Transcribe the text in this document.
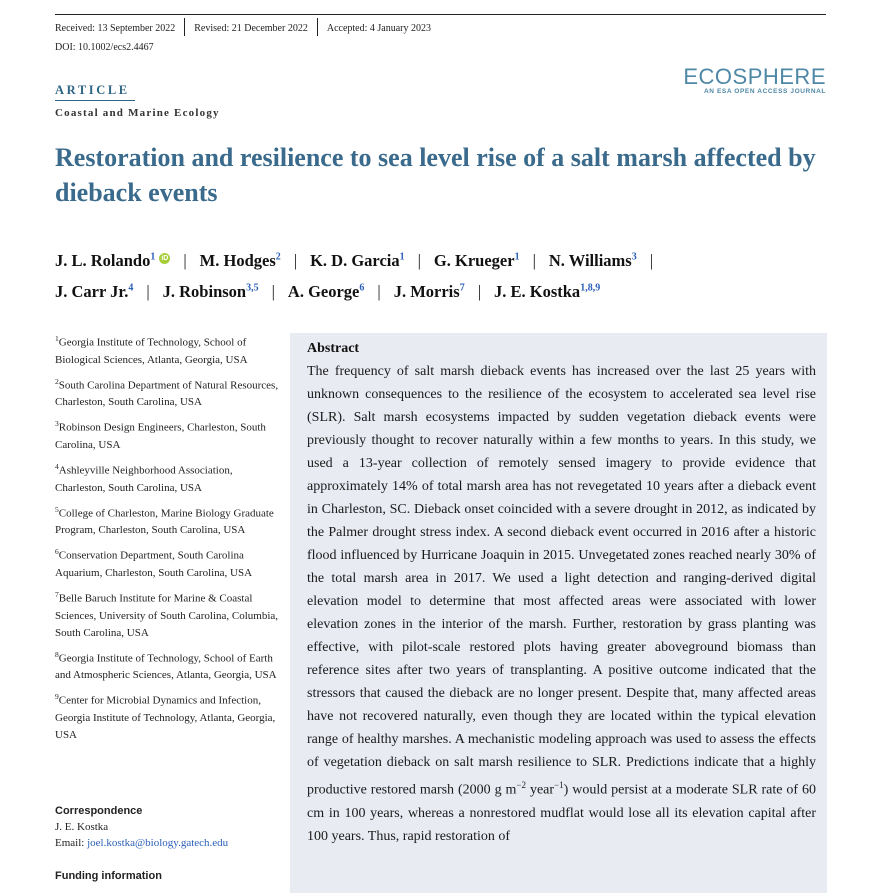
Received: 13 September 2022 Revised: 21 December 2022 Accepted: 4 January 2023
DOI: 10.1002/ecs2.4467
ARTICLE
Coastal and Marine Ecology
ECOSPHERE
AN ESA OPEN ACCESS JOURNAL
Restoration and resilience to sea level rise of a salt marsh affected by dieback events
J. L. Rolando$^1$ iD | M. Hodges$^2$ | K. D. Garcia$^1$ | G. Krueger$^1$ | N. Williams$^3$ |
J. Carr Jr.$^4$ | J. Robinson$^{3,5}$ | A. George$^6$ | J. Morris$^7$ | J. E. Kostka$^{1,8,9}$

$^1$Georgia Institute of Technology, School of Biological Sciences, Atlanta, Georgia, USA

$^2$South Carolina Department of Natural Resources, Charleston, South Carolina, USA

$^3$Robinson Design Engineers, Charleston, South Carolina, USA

$^4$Ashleyville Neighborhood Association, Charleston, South Carolina, USA

$^5$College of Charleston, Marine Biology Graduate Program, Charleston, South Carolina, USA

$^6$Conservation Department, South Carolina Aquarium, Charleston, South Carolina, USA

$^7$Belle Baruch Institute for Marine & Coastal Sciences, University of South Carolina, Columbia, South Carolina, USA

$^8$Georgia Institute of Technology, School of Earth and Atmospheric Sciences, Atlanta, Georgia, USA

$^9$Center for Microbial Dynamics and Infection, Georgia Institute of Technology, Atlanta, Georgia, USA

Correspondence
J. E. Kostka
Email: joel.kostka@biology.gatech.edu
Funding information
Abstract
The frequency of salt marsh dieback events has increased over the last 25 years with unknown consequences to the resilience of the ecosystem to accelerated sea level rise (SLR). Salt marsh ecosystems impacted by sudden vegetation dieback events were previously thought to recover naturally within a few months to years. In this study, we used a 13-year collection of remotely sensed imagery to provide evidence that approximately 14% of total marsh area has not revegetated 10 years after a dieback event in Charleston, SC. Dieback onset coincided with a severe drought in 2012, as indicated by the Palmer drought stress index. A second dieback event occurred in 2016 after a historic flood influenced by Hurricane Joaquin in 2015. Unvegetated zones reached nearly 30% of the total marsh area in 2017. We used a light detection and ranging-derived digital elevation model to determine that most affected areas were associated with lower elevation zones in the interior of the marsh. Further, restoration by grass planting was effective, with pilot-scale restored plots having greater aboveground biomass than reference sites after two years of transplanting. A positive outcome indicated that the stressors that caused the dieback are no longer present. Despite that, many affected areas have not recovered naturally, even though they are located within the typical elevation range of healthy marshes. A mechanistic modeling approach was used to assess the effects of vegetation dieback on salt marsh resilience to SLR. Predictions indicate that a highly productive restored marsh (2000 g $m^{-2}$ year$^{-1}$) would persist at a moderate SLR rate of 60 cm in 100 years, whereas a nonrestored mudflat would lose all its elevation capital after 100 years. Thus, rapid restoration of
